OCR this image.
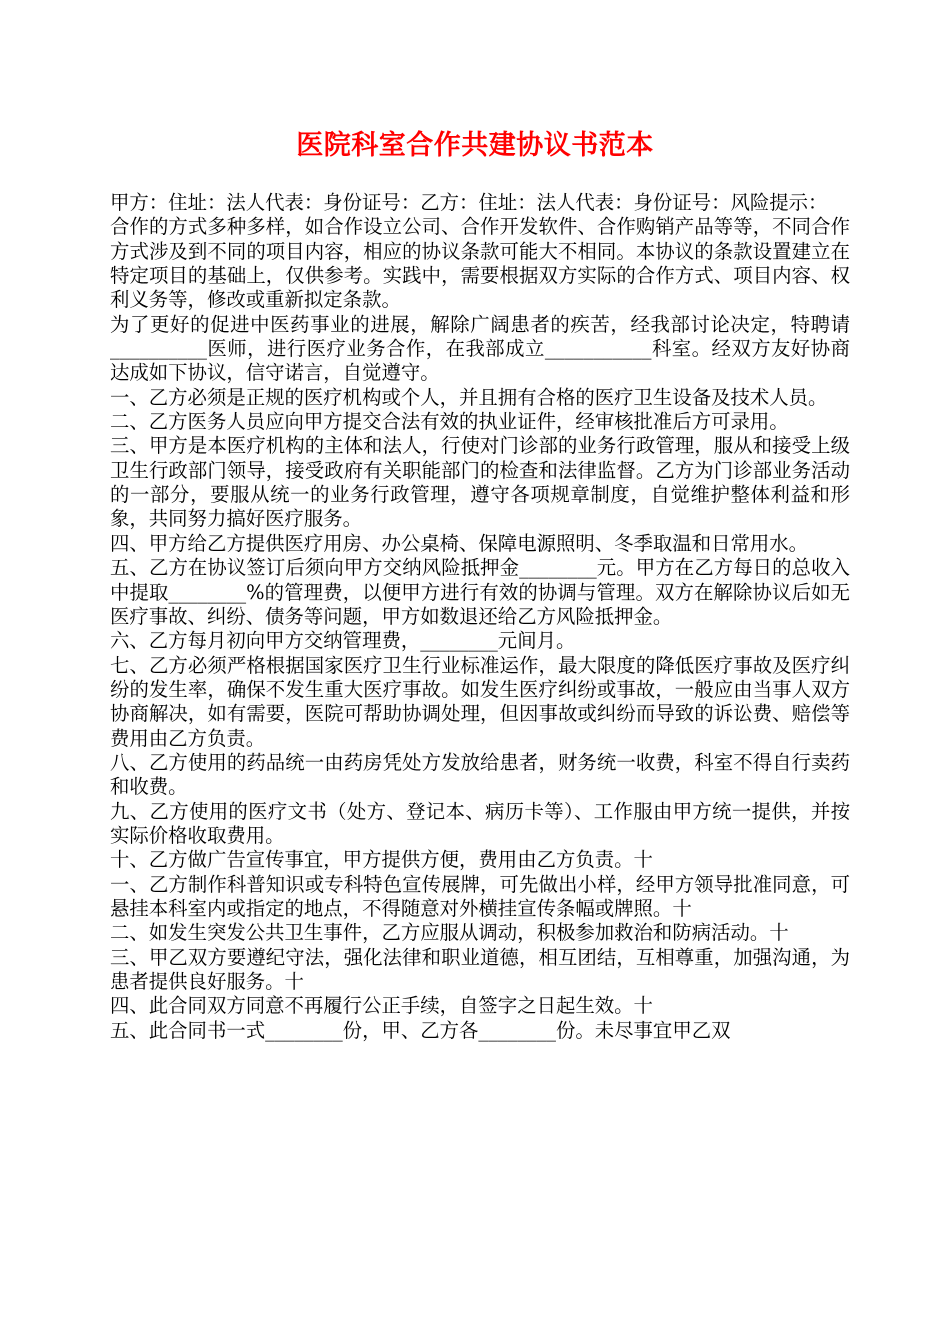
医院科室合作共建协议书范本

甲方：住址：法人代表：身份证号：乙方：住址：法人代表：身份证号：风险提示：

合作的方式多种多样，如合作设立公司、合作开发软件、合作购销产品等等，不同合作方式涉及到不同的项目内容，相应的协议条款可能大不相同。本协议的条款设置建立在特定项目的基础上，仅供参考。实践中，需要根据双方实际的合作方式、项目内容、权利义务等，修改或重新拟定条款。

为了更好的促进中医药事业的进展，解除广阔患者的疾苦，经我部讨论决定，特聘请__________医师，进行医疗业务合作，在我部成立___________科室。经双方友好协商达成如下协议，信守诺言，自觉遵守。

一、乙方必须是正规的医疗机构或个人，并且拥有合格的医疗卫生设备及技术人员。

二、乙方医务人员应向甲方提交合法有效的执业证件，经审核批准后方可录用。

三、甲方是本医疗机构的主体和法人，行使对门诊部的业务行政管理，服从和接受上级卫生行政部门领导，接受政府有关职能部门的检查和法律监督。乙方为门诊部业务活动的一部分，要服从统一的业务行政管理，遵守各项规章制度，自觉维护整体利益和形象，共同努力搞好医疗服务。

四、甲方给乙方提供医疗用房、办公桌椅、保障电源照明、冬季取温和日常用水。

五、乙方在协议签订后须向甲方交纳风险抵押金________元。甲方在乙方每日的总收入中提取________%的管理费，以便甲方进行有效的协调与管理。双方在解除协议后如无医疗事故、纠纷、债务等问题，甲方如数退还给乙方风险抵押金。

六、乙方每月初向甲方交纳管理费，________元间月。

七、乙方必须严格根据国家医疗卫生行业标准运作，最大限度的降低医疗事故及医疗纠纷的发生率，确保不发生重大医疗事故。如发生医疗纠纷或事故，一般应由当事人双方协商解决，如有需要，医院可帮助协调处理，但因事故或纠纷而导致的诉讼费、赔偿等费用由乙方负责。

八、乙方使用的药品统一由药房凭处方发放给患者，财务统一收费，科室不得自行卖药和收费。

九、乙方使用的医疗文书（处方、登记本、病历卡等）、工作服由甲方统一提供，并按实际价格收取费用。

十、乙方做广告宣传事宜，甲方提供方便，费用由乙方负责。十

一、乙方制作科普知识或专科特色宣传展牌，可先做出小样，经甲方领导批准同意，可悬挂本科室内或指定的地点，不得随意对外横挂宣传条幅或牌照。十

二、如发生突发公共卫生事件，乙方应服从调动，积极参加救治和防病活动。十

三、甲乙双方要遵纪守法，强化法律和职业道德，相互团结，互相尊重，加强沟通，为患者提供良好服务。十

四、此合同双方同意不再履行公正手续，自签字之日起生效。十

五、此合同书一式________份，甲、乙方各________份。未尽事宜甲乙双
